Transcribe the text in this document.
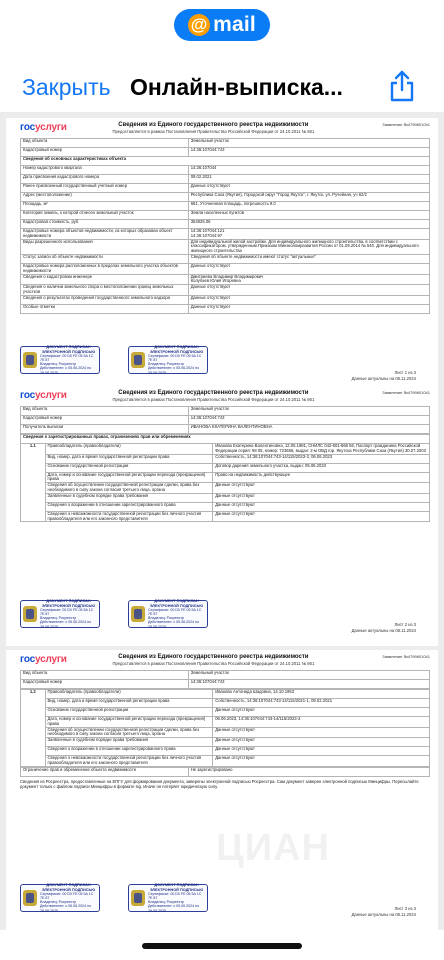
@ mail
Закрыть Онлайн-выписка...
госуслуги	Сведения из Единого государственного реестра недвижимости
Предоставляется в рамках Постановления Правительства Российской Федерации от 24.10.2011 № 861
Заявление №4799801041
Вид объекта	Земельный участок
Кадастровый номер	14:36:107044:743
Сведения об основных характеристиках объекта	
Номер кадастрового квартала	14:36:107044
Дата присвоения кадастрового номера	09.02.2021
Ранее присвоенный государственный учетный номер	Данные отсутствуют
Адрес (местоположение)	Республика Саха (Якутия), Городской округ "Город Якутск", г. Якутск, ул. Ручейная, уч 62/2
Площадь, м²	661, Уточненная площадь, погрешность 9.0
Категория земель, к которой отнесен земельный участок	Земли населенных пунктов
Кадастровая стоимость, руб	354825.06
Кадастровые номера объектов недвижимости, из которых образован объект недвижимости	14:36:107044:121
14:36:107044:97
Виды разрешенного использования	Для индивидуальной жилой застройки. Для индивидуального жилищного строительства, в соответствии с классификатором, утвержденным Приказом Минэкономразвития России от 01.09.2014 № 540. Для индивидуального жилищного строительства
Статус записи об объекте недвижимости	Сведения об объекте недвижимости имеют статус "актуальные"
Кадастровые номера расположенных в пределах земельного участка объектов недвижимости	Данные отсутствуют
Сведения о кадастровом инженере	Дмитриева Владимир Владимирович
Колупаев Юлия Игоревна
Сведения о наличии земельного спора о местоположении границ земельных участков	Данные отсутствуют
Сведения о результатах проведения государственного земельного надзора	Данные отсутствуют
Особые отметки	Данные отсутствуют
ДОКУМЕНТ ПОДПИСАН ЭЛЕКТРОННОЙ ПОДПИСЬЮ
Сертификат: 00 D0 FE 05 5A 1C 7E 87
Владелец: Росреестр
Действителен: с 05.06.2024 по 29.08.2025
ДОКУМЕНТ ПОДПИСАН ЭЛЕКТРОННОЙ ПОДПИСЬЮ
Сертификат: 00 D0 FE 05 5A 1C 7E 87
Владелец: Росреестр
Действителен: с 05.06.2024 по 29.08.2025	Лист 1 из 3
Данные актуальны на 08.11.2024
госуслуги	Сведения из Единого государственного реестра недвижимости
Предоставляется в рамках Постановления Правительства Российской Федерации от 24.10.2011 № 861
Заявление №4799801041
Вид объекта	Земельный участок
Кадастровый номер	14:36:107044:743
Получатель выписки	ИВАНОВА ЕКАТЕРИНА ВАЛЕНТИНОВНА
Сведения о зарегистрированных правах, ограничениях прав или обременениях		
1.1	Правообладатель (правообладатели)	Иванова Екатерина Валентиновна, 12.05.1981, СНИЛС 042-601-866 56, Паспорт гражданина Российской Федерации серия: 98 05, номер: 723658, выдан: 2-м ОВД гор. Якутска Республики Саха (Якутия) 30.07.2003
	Вид, номер, дата и время государственной регистрации права	Собственность, 14:36:107044:743-14/115/2023-3, 06.06.2023
	Основание государственной регистрации	Договор дарения земельного участка, выдан: 05.06.2023
	Дата, номер и основание государственной регистрации перехода (прекращения) права	Право на недвижимость действующее
	Сведения об осуществлении государственной регистрации сделки, права без необходимого в силу закона согласия третьего лица, органа	Данные отсутствуют
	Заявленные в судебном порядке права требования	Данные отсутствуют
	Сведения о возражении в отношении зарегистрированного права	Данные отсутствуют
	Сведения о невозможности государственной регистрации без личного участия правообладателя или его законного представителя	Данные отсутствуют
ДОКУМЕНТ ПОДПИСАН ЭЛЕКТРОННОЙ ПОДПИСЬЮ
Сертификат: 00 D0 FE 05 5A 1C 7E 87
Владелец: Росреестр
Действителен: с 05.06.2024 по 29.08.2025
ДОКУМЕНТ ПОДПИСАН ЭЛЕКТРОННОЙ ПОДПИСЬЮ
Сертификат: 00 D0 FE 05 5A 1C 7E 87
Владелец: Росреестр
Действителен: с 05.06.2024 по 29.08.2025	Лист 2 из 3
Данные актуальны на 08.11.2024
госуслуги	Сведения из Единого государственного реестра недвижимости
Предоставляется в рамках Постановления Правительства Российской Федерации от 24.10.2011 № 861
Заявление №4799801041
Вид объекта	Земельный участок
Кадастровый номер	14:36:107044:743
1.2	Правообладатель (правообладатели)	Иванова Антонида Шадовна, 14.10.1953
	Вид, номер, дата и время государственной регистрации права	Собственность, 14:36:107044:743-14/115/2021-1, 09.02.2021
	Основание государственной регистрации	Данные отсутствуют
	Дата, номер и основание государственной регистрации перехода (прекращения) права	06.06.2023, 14:36:107044:743-14/115/2023-2
	Сведения об осуществлении государственной регистрации сделки, права без необходимого в силу закона согласия третьего лица, органа	Данные отсутствуют
	Заявленные в судебном порядке права требования	Данные отсутствуют
	Сведения о возражении в отношении зарегистрированного права	Данные отсутствуют
	Сведения о невозможности государственной регистрации без личного участия правообладателя или его законного представителя	Данные отсутствуют
Ограничение прав и обременение объекта недвижимости	Не зарегистрировано
Сведения из Росреестра, предоставленные на ЕПГУ для формирования документа, заверены электронной подписью Росреестра. Сам документ заверен электронной подписью Минцифры. Пересылайте документ только с файлом подписи Минцифры в формате sig. Иначе он потеряет юридическую силу.
ЦИАН
ДОКУМЕНТ ПОДПИСАН ЭЛЕКТРОННОЙ ПОДПИСЬЮ
Сертификат: 00 D0 FE 05 5A 1C 7E 87
Владелец: Росреестр
Действителен: с 05.06.2024 по 29.08.2025
ДОКУМЕНТ ПОДПИСАН ЭЛЕКТРОННОЙ ПОДПИСЬЮ
Сертификат: 00 D0 FE 05 5A 1C 7E 87
Владелец: Росреестр
Действителен: с 05.06.2024 по 29.08.2025	Лист 3 из 3
Данные актуальны на 08.11.2024
